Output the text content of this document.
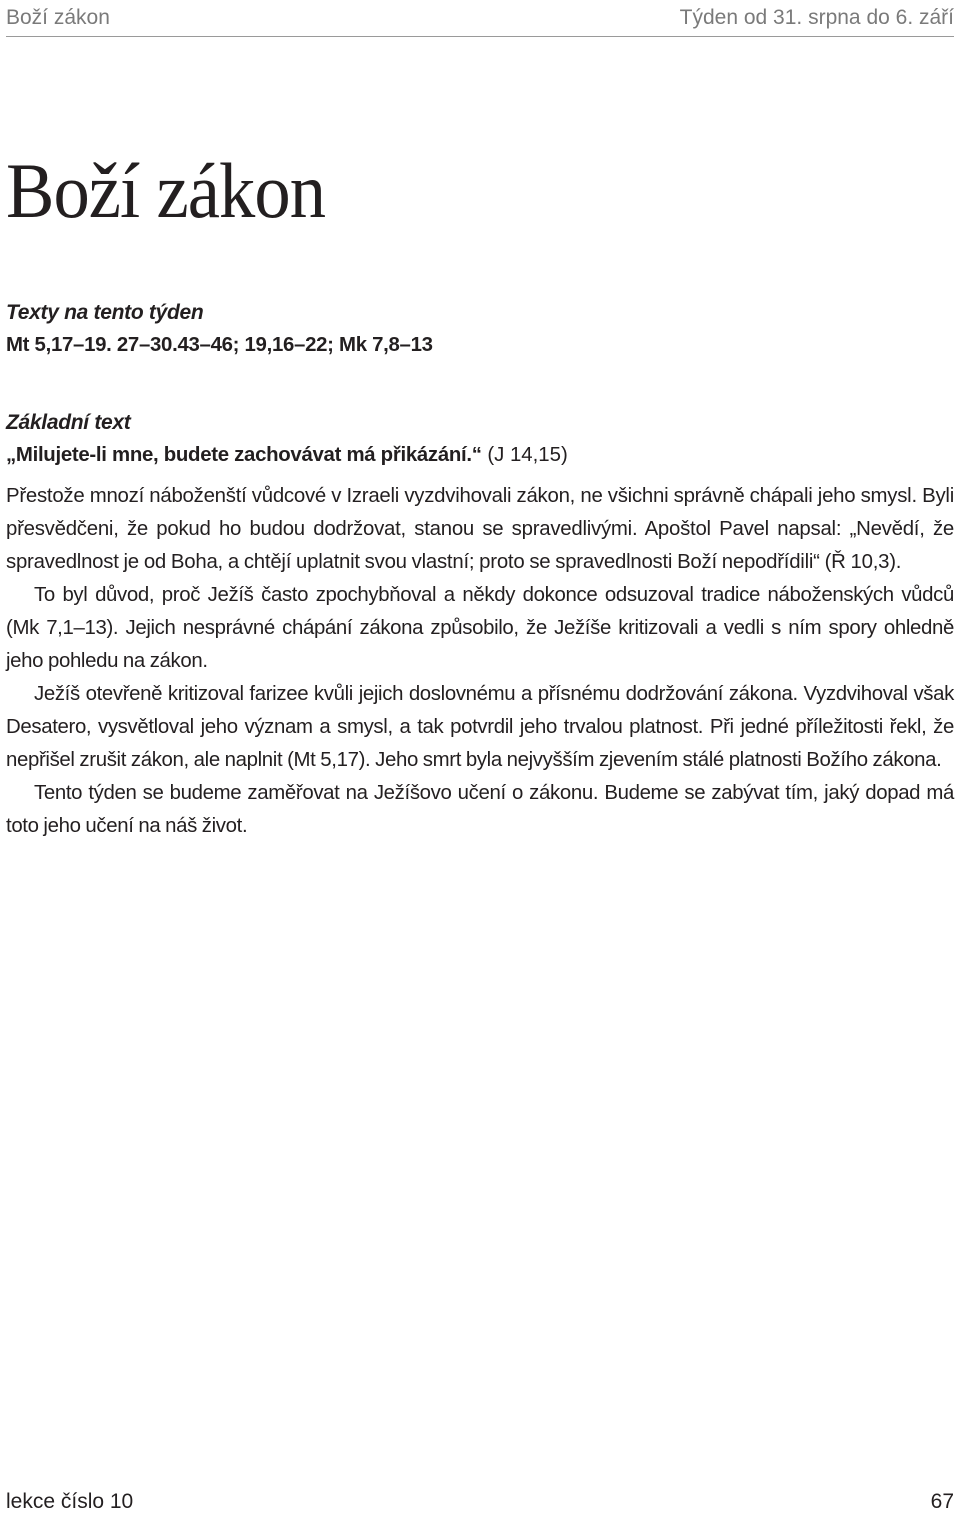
Boží zákon	Týden od 31. srpna do 6. září
Boží zákon
Texty na tento týden
Mt 5,17–19. 27–30.43–46; 19,16–22; Mk 7,8–13
Základní text
„Milujete-li mne, budete zachovávat má přikázání.“ (J 14,15)

Přestože mnozí náboženští vůdcové v Izraeli vyzdvihovali zákon, ne všichni správně chápali jeho smysl. Byli přesvědčeni, že pokud ho budou dodržovat, stanou se spravedlivými. Apoštol Pavel napsal: „Nevědí, že spravedlnost je od Boha, a chtějí uplatnit svou vlastní; proto se spravedlnosti Boží nepodřídili“ (Ř 10,3).

To byl důvod, proč Ježíš často zpochybňoval a někdy dokonce odsuzoval tradice náboženských vůdců (Mk 7,1–13). Jejich nesprávné chápání zákona způsobilo, že Ježíše kritizovali a vedli s ním spory ohledně jeho pohledu na zákon.

Ježíš otevřeně kritizoval farizee kvůli jejich doslovnému a přísnému dodržování zákona. Vyzdvihoval však Desatero, vysvětloval jeho význam a smysl, a tak potvrdil jeho trvalou platnost. Při jedné příležitosti řekl, že nepřišel zrušit zákon, ale naplnit (Mt 5,17). Jeho smrt byla nejvyšším zjevením stálé platnosti Božího zákona.

Tento týden se budeme zaměřovat na Ježíšovo učení o zákonu. Budeme se zabývat tím, jaký dopad má toto jeho učení na náš život.

lekce číslo 10	67
